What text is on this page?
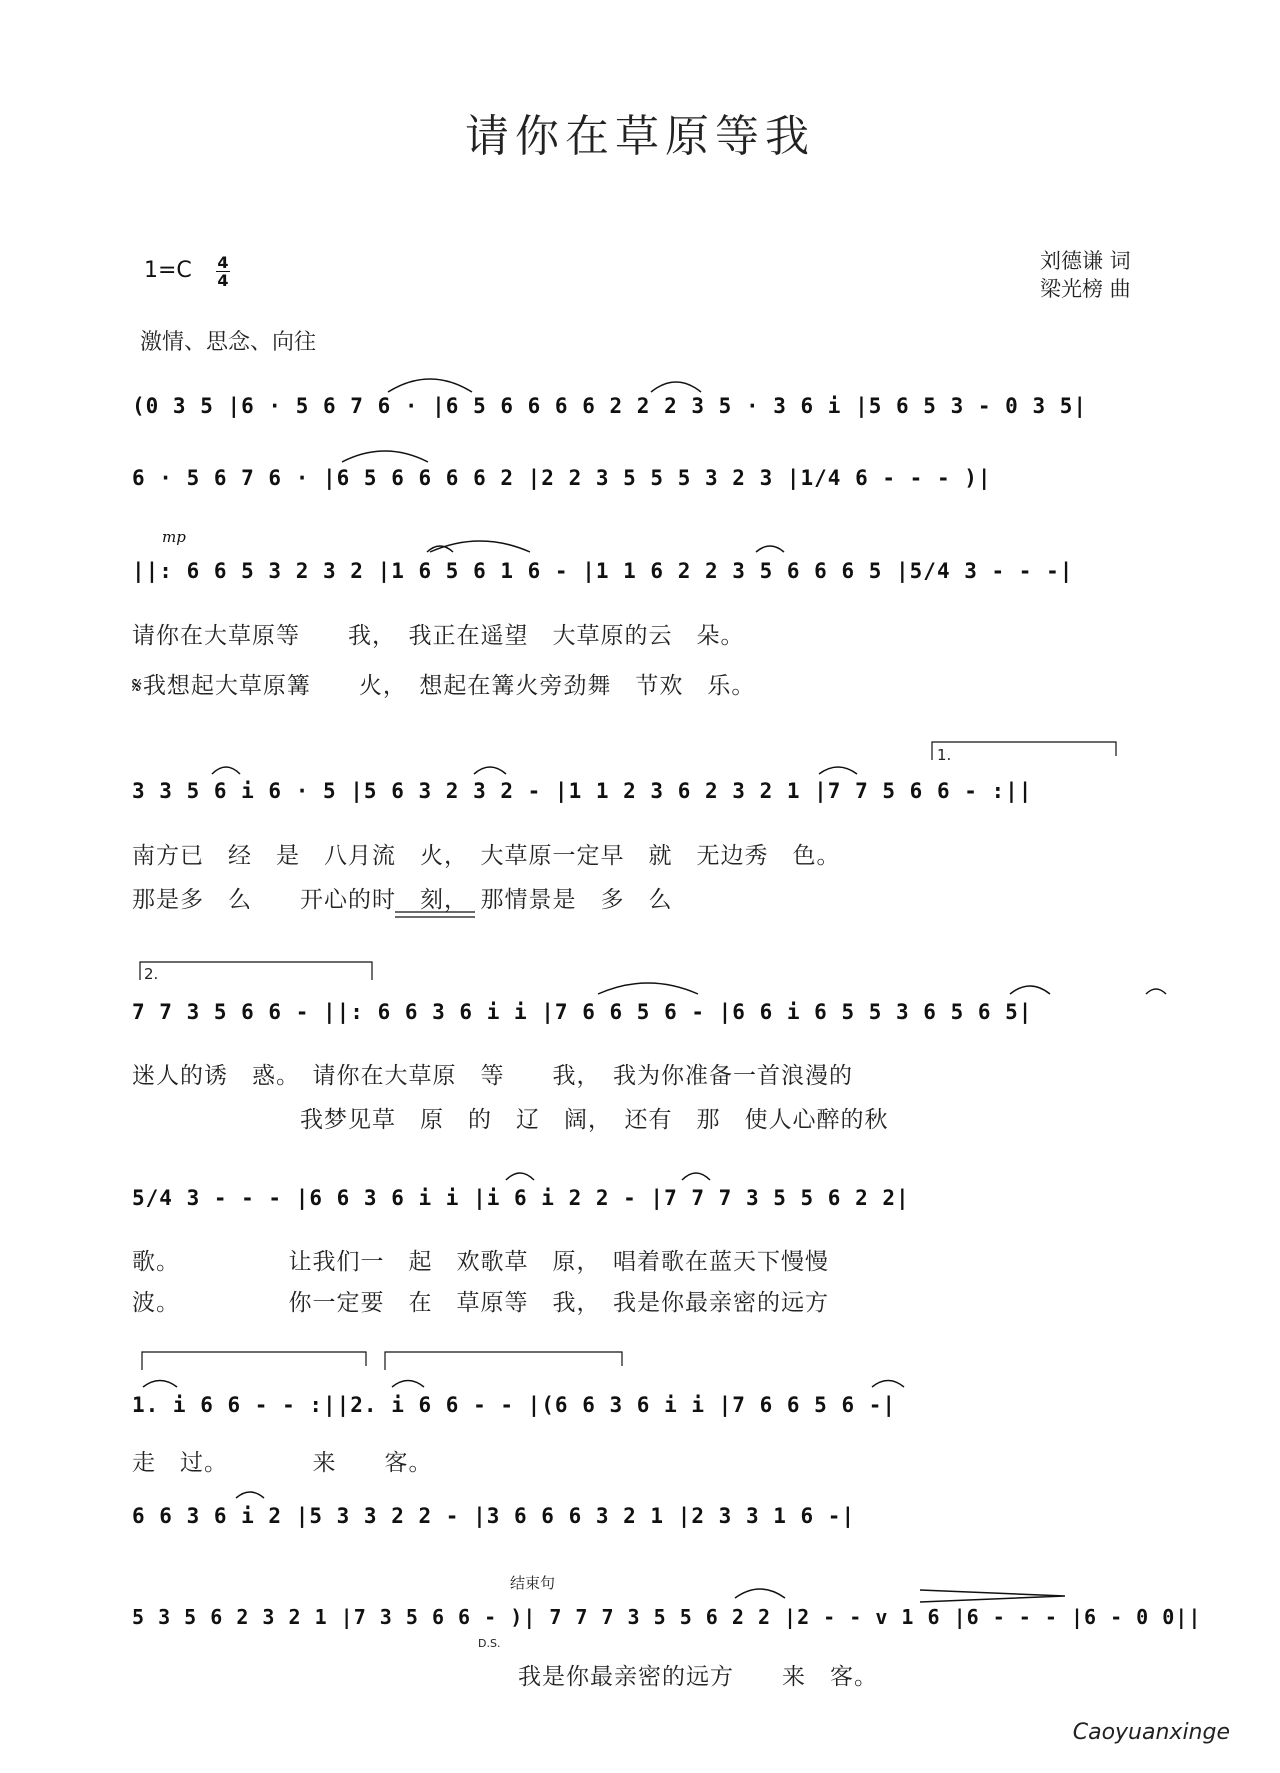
请你在草原等我
1=C 4
4
刘德谦 词
梁光榜 曲
激情、思念、向往
(0 3 5 |6 · 5 6 7 6 · |6 5 6 6 6 6 2 2 2 3 5 · 3 6 i |5 6 5 3 - 0 3 5|
6 · 5 6 7 6 · |6 5 6 6 6 6 2 |2 2 3 5 5 5 3 2 3 |1/4 6 - - - )|
mp
||: 6 6 5 3 2 3 2 |1 6 5 6 1 6 - |1 1 6 2 2 3 5 6 6 6 5 |5/4 3 - - -|
请你在大草原等　　我，　我正在遥望　大草原的云　朵。
𝄋我想起大草原篝　　火，　想起在篝火旁劲舞　节欢　乐。
1.
3 3 5 6 i 6 · 5 |5 6 3 2 3 2 - |1 1 2 3 6 2 3 2 1 |7 7 5 6 6 - :||
南方已　经　是　八月流　火，　大草原一定早　就　无边秀　色。
那是多　么　　开心的时　刻，　那情景是　多　么
2.
7 7 3 5 6 6 - ||: 6 6 3 6 i i |7 6 6 5 6 - |6 6 i 6 5 5 3 6 5 6 5|
迷人的诱　惑。　请你在大草原　等　　我，　我为你准备一首浪漫的
　　　　　　　我梦见草　原　的　辽　阔，　还有　那　使人心醉的秋
5/4 3 - - - |6 6 3 6 i i |i 6 i 2 2 - |7 7 7 3 5 5 6 2 2|
歌。　　　　　让我们一　起　欢歌草　原，　唱着歌在蓝天下慢慢
波。　　　　　你一定要　在　草原等　我，　我是你最亲密的远方
1. i 6 6 - - :||2. i 6 6 - - |(6 6 3 6 i i |7 6 6 5 6 -|
走　过。　　　　来　　客。
6 6 3 6 i 2 |5 3 3 2 2 - |3 6 6 6 3 2 1 |2 3 3 1 6 -|
结束句
5 3 5 6 2 3 2 1 |7 3 5 6 6 - )| 7 7 7 3 5 5 6 2 2 |2 - - v 1 6 |6 - - - |6 - 0 0||
D.S.
我是你最亲密的远方　　来　客。
Caoyuanxinge
